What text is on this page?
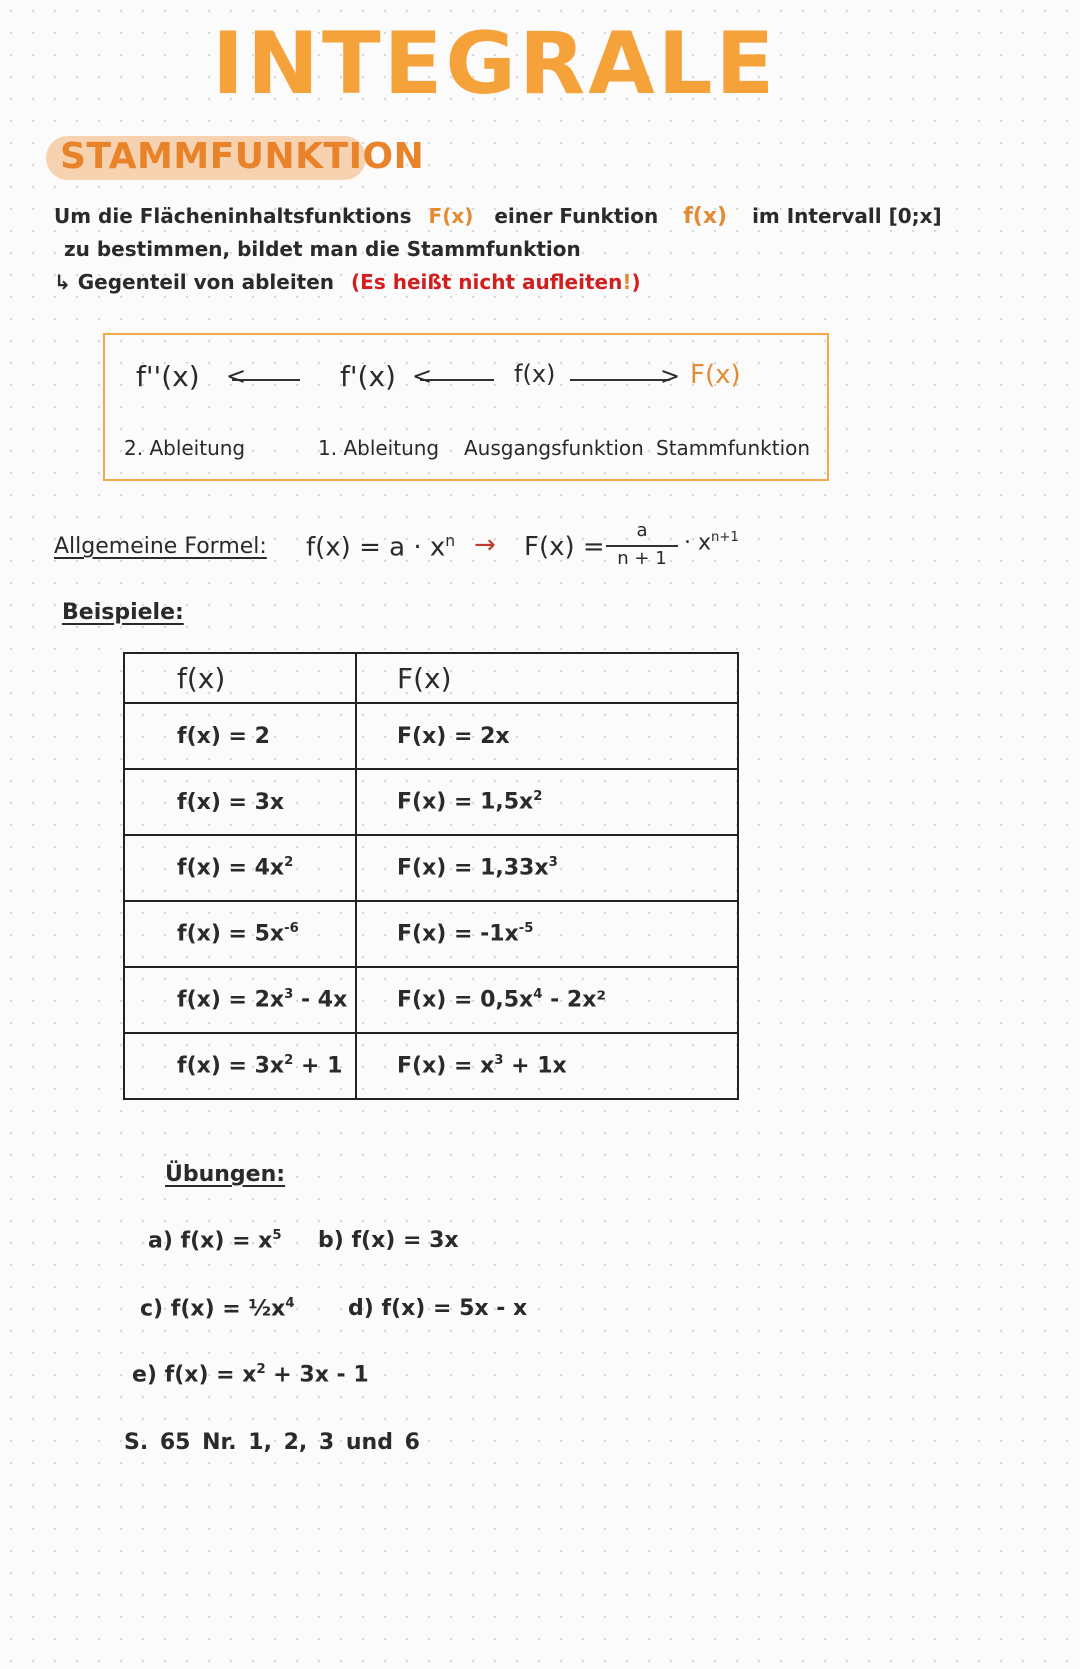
INTEGRALE
STAMMFUNKTION
Um die Flächeninhaltsfunktions F(x) einer Funktion f(x) im Intervall [0;x]
zu bestimmen, bildet man die Stammfunktion
↳ Gegenteil von ableiten (Es heißt nicht aufleiten!)
f''(x) <	f'(x) <	f(x)	> F(x)
2. Ableitung	1. Ableitung Ausgangsfunktion Stammfunktion
Allgemeine Formel: $f(x) = a \cdot x^n \to F(x)$ =
a
n + 1
· $x^{n+1}$
Beispiele:
f(x)	F(x)
f(x) = 2	F(x) = 2x
f(x) = 3x	$F(x) = 1,5x^2$
$f(x) = 4x^2$	$F(x) = 1,33x^3$
$f(x) = 5x^{-6}$	$F(x) = -1x^{-5}$
$f(x) = 2x^3 - 4x$	$F(x) = 0,5x^4 - 2x^2$
$f(x) = 3x^2 + 1$	$F(x) = x^3 + 1x$
Übungen:
a) $f(x) = x^5$ b) f(x) = 3x
c) $f(x) = \frac{1}{2}x^4$ d) f(x) = 5x - x
e) $f(x) = x^2 + 3x - 1$
S. 65 Nr. 1, 2, 3 und 6
